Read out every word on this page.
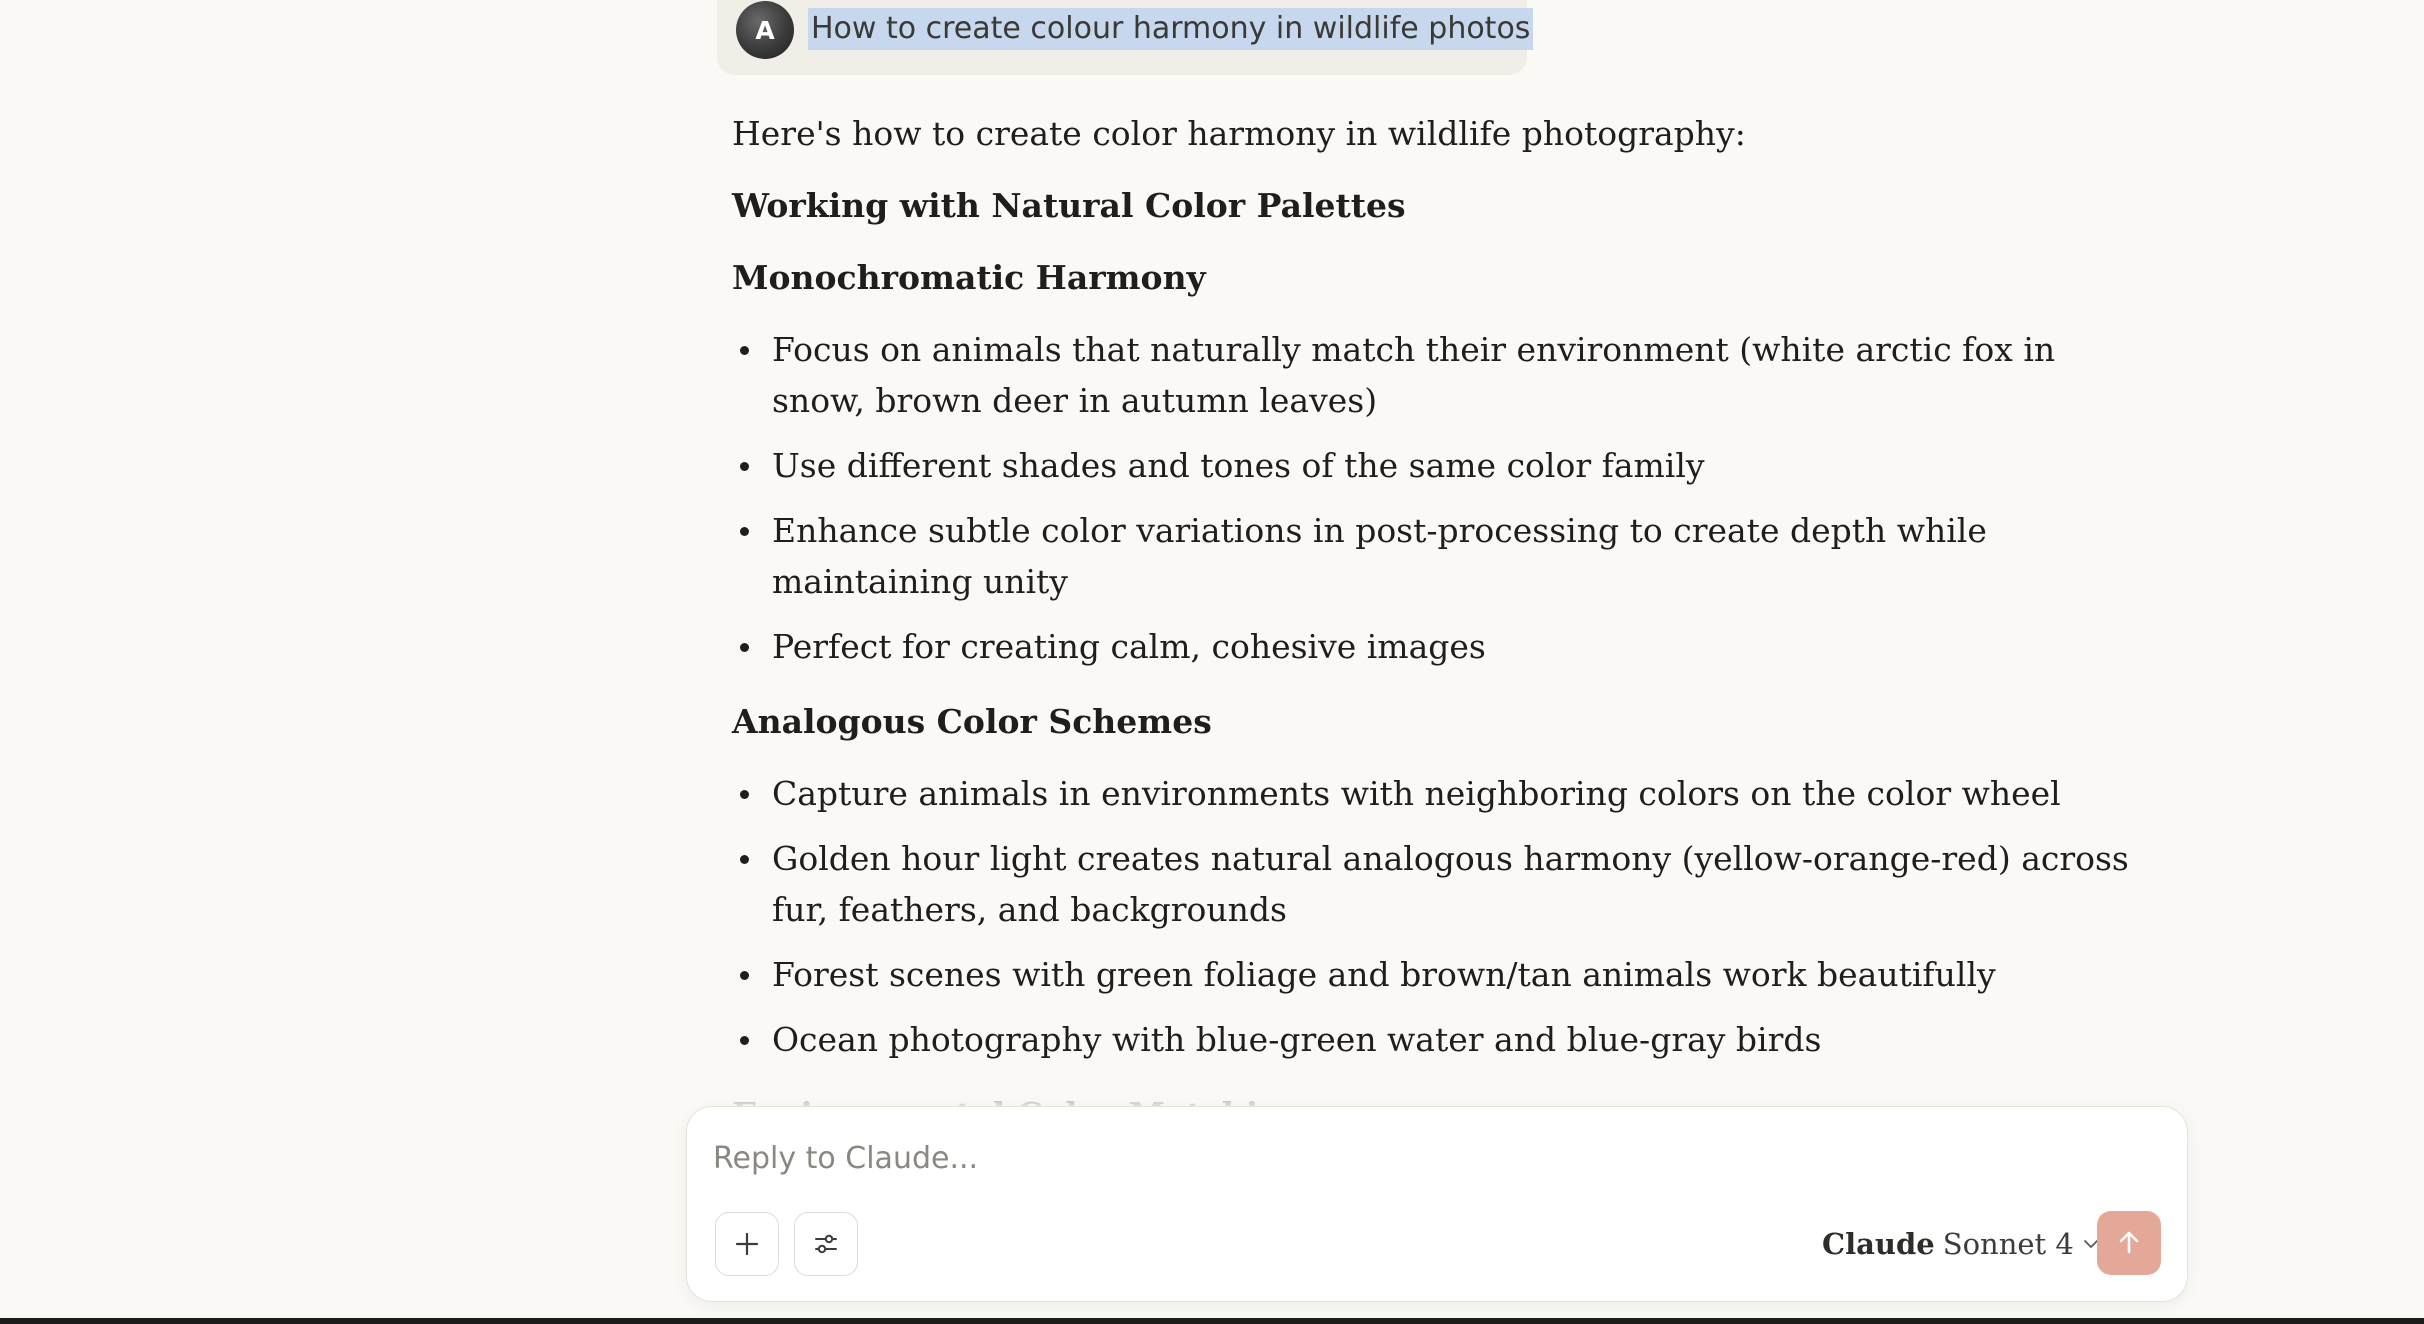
A	How to create colour harmony in wildlife photos

Here's how to create color harmony in wildlife photography:

Working with Natural Color Palettes
Monochromatic Harmony
Focus on animals that naturally match their environment (white arctic fox in snow, brown deer in autumn leaves)
Use different shades and tones of the same color family
Enhance subtle color variations in post-processing to create depth while maintaining unity
Perfect for creating calm, cohesive images
Analogous Color Schemes
Capture animals in environments with neighboring colors on the color wheel
Golden hour light creates natural analogous harmony (yellow-orange-red) across fur, feathers, and backgrounds
Forest scenes with green foliage and brown/tan animals work beautifully
Ocean photography with blue-green water and blue-gray birds
Reply to Claude...
Claude Sonnet 4
